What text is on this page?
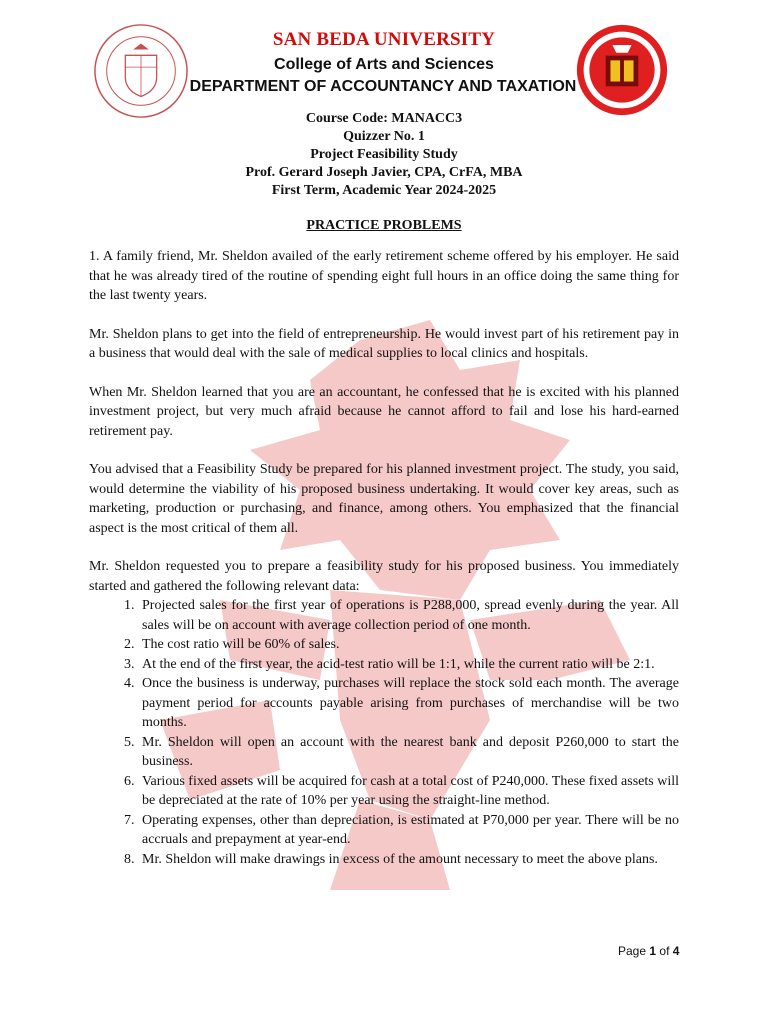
SAN BEDA UNIVERSITY
College of Arts and Sciences
DEPARTMENT OF ACCOUNTANCY AND TAXATION
Course Code: MANACC3
Quizzer No. 1
Project Feasibility Study
Prof. Gerard Joseph Javier, CPA, CrFA, MBA
First Term, Academic Year 2024-2025
PRACTICE PROBLEMS

1. A family friend, Mr. Sheldon availed of the early retirement scheme offered by his employer. He said that he was already tired of the routine of spending eight full hours in an office doing the same thing for the last twenty years.

Mr. Sheldon plans to get into the field of entrepreneurship. He would invest part of his retirement pay in a business that would deal with the sale of medical supplies to local clinics and hospitals.

When Mr. Sheldon learned that you are an accountant, he confessed that he is excited with his planned investment project, but very much afraid because he cannot afford to fail and lose his hard-earned retirement pay.

You advised that a Feasibility Study be prepared for his planned investment project. The study, you said, would determine the viability of his proposed business undertaking. It would cover key areas, such as marketing, production or purchasing, and finance, among others. You emphasized that the financial aspect is the most critical of them all.

Mr. Sheldon requested you to prepare a feasibility study for his proposed business. You immediately started and gathered the following relevant data:

1. Projected sales for the first year of operations is P288,000, spread evenly during the year. All sales will be on account with average collection period of one month.
2. The cost ratio will be 60% of sales.
3. At the end of the first year, the acid-test ratio will be 1:1, while the current ratio will be 2:1.
4. Once the business is underway, purchases will replace the stock sold each month. The average payment period for accounts payable arising from purchases of merchandise will be two months.
5. Mr. Sheldon will open an account with the nearest bank and deposit P260,000 to start the business.
6. Various fixed assets will be acquired for cash at a total cost of P240,000. These fixed assets will be depreciated at the rate of 10% per year using the straight-line method.
7. Operating expenses, other than depreciation, is estimated at P70,000 per year. There will be no accruals and prepayment at year-end.
8. Mr. Sheldon will make drawings in excess of the amount necessary to meet the above plans.
Page 1 of 4
